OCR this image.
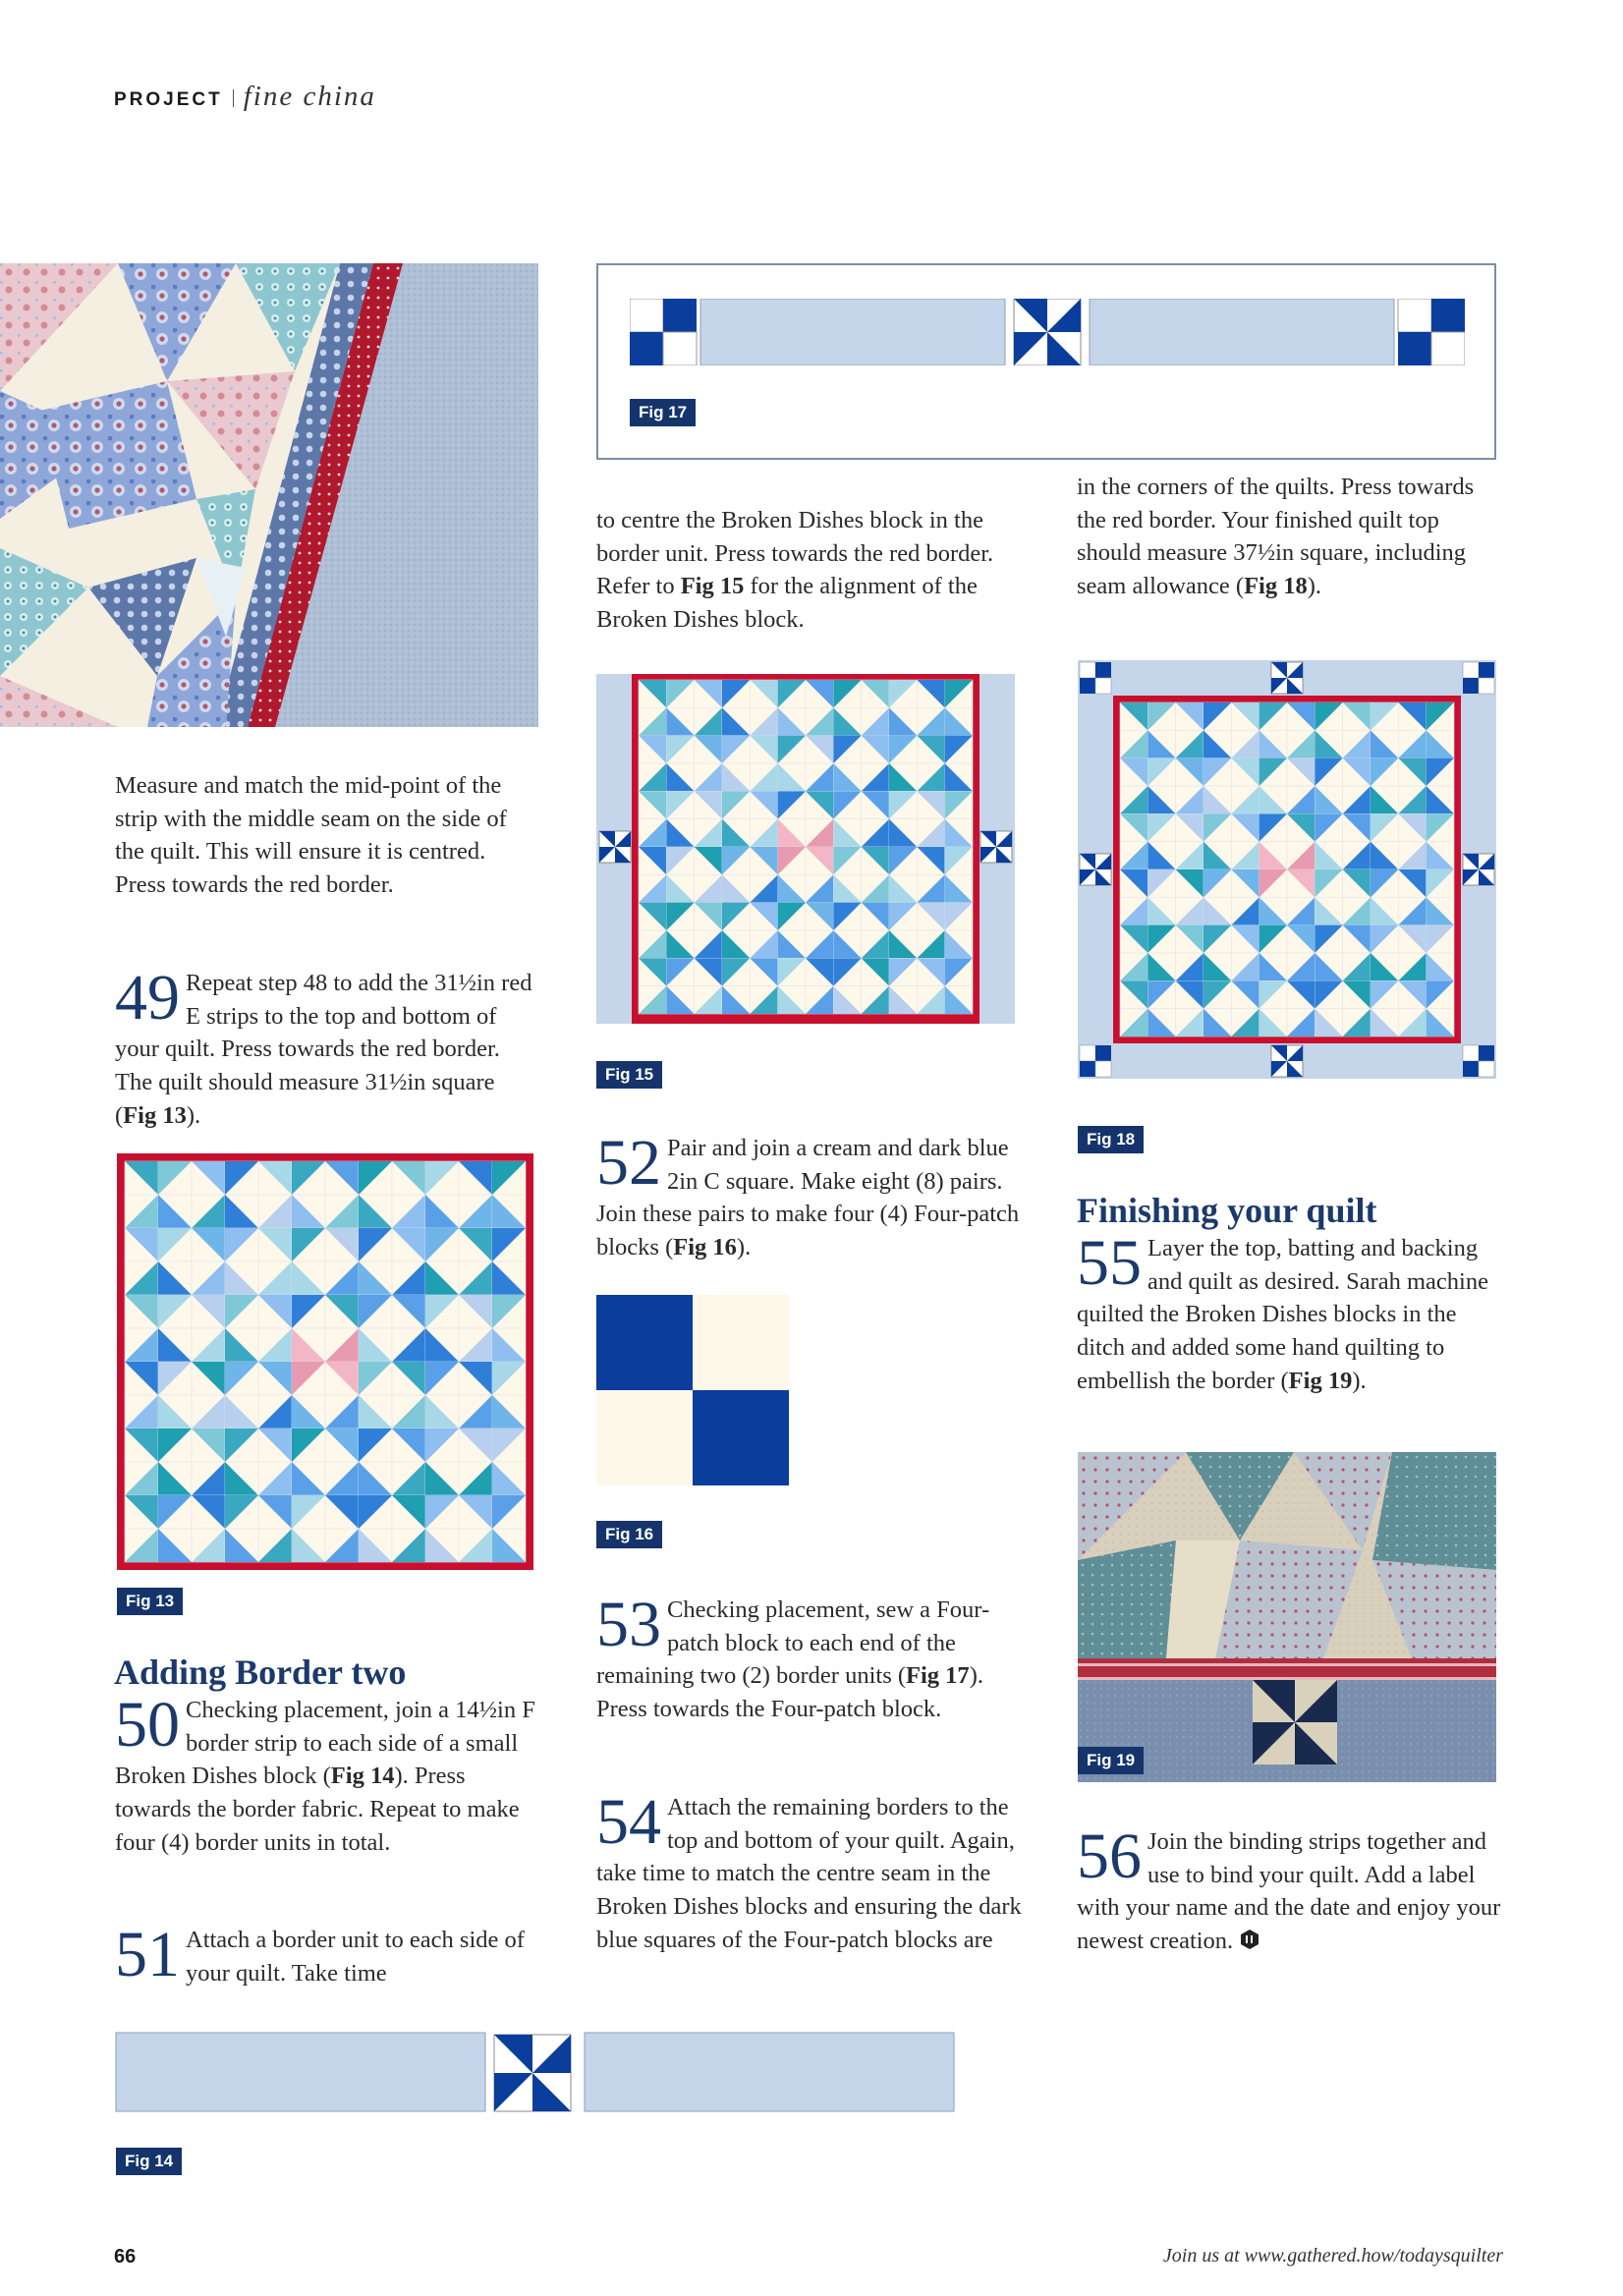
PROJECT fine china
Fig 17

Measure and match the mid-point of the strip with the middle seam on the side of the quilt. This will ensure it is centred. Press towards the red border.

49 Repeat step 48 to add the 31½in red E strips to the top and bottom of your quilt. Press towards the red border. The quilt should measure 31½in square (Fig 13).

Fig 13
Adding Border two

50 Checking placement, join a 14½in F border strip to each side of a small Broken Dishes block (Fig 14). Press towards the border fabric. Repeat to make four (4) border units in total.

51 Attach a border unit to each side of your quilt. Take time

Fig 14

to centre the Broken Dishes block in the border unit. Press towards the red border. Refer to Fig 15 for the alignment of the Broken Dishes block.

Fig 15

52 Pair and join a cream and dark blue 2in C square. Make eight (8) pairs. Join these pairs to make four (4) Four-patch blocks (Fig 16).

Fig 16

53 Checking placement, sew a Four-patch block to each end of the remaining two (2) border units (Fig 17). Press towards the Four-patch block.

54 Attach the remaining borders to the top and bottom of your quilt. Again, take time to match the centre seam in the Broken Dishes blocks and ensuring the dark blue squares of the Four-patch blocks are

in the corners of the quilts. Press towards the red border. Your finished quilt top should measure 37½in square, including seam allowance (Fig 18).

Fig 18
Finishing your quilt

55 Layer the top, batting and backing and quilt as desired. Sarah machine quilted the Broken Dishes blocks in the ditch and added some hand quilting to embellish the border (Fig 19).

Fig 19

56 Join the binding strips together and use to bind your quilt. Add a label with your name and the date and enjoy your newest creation.

66	Join us at www.gathered.how/todaysquilter
